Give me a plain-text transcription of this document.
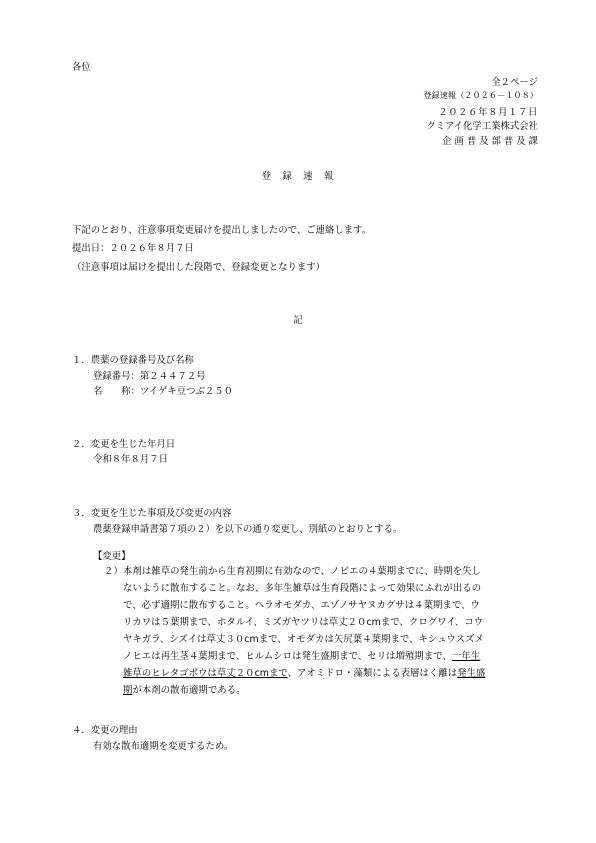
各位
全２ページ
登録速報（２０２６－１０８）
２０２６年８月１７日
クミアイ化学工業株式会社
企 画 普 及 部 普 及 課
登　録　速　報
下記のとおり、注意事項変更届けを提出しましたので、ご連絡します。
提出日：２０２６年８月７日
（注意事項は届けを提出した段階で、登録変更となります）
記
１．農薬の登録番号及び名称
登録番号：第２４４７２号
名　　称：ツイゲキ豆つぶ２５０
２．変更を生じた年月日
令和８年８月７日
３．変更を生じた事項及び変更の内容
農薬登録申請書第７項の２）を以下の通り変更し、別紙のとおりとする。
【変更】
２） 本剤は雑草の発生前から生育初期に有効なので、ノビエの４葉期までに、時期を失し
ないように散布すること。なお、多年生雑草は生育段階によって効果にふれが出るの
で、必ず適期に散布すること。ヘラオモダカ、エゾノサヤヌカグサは４葉期まで、ウ
リカワは５葉期まで、ホタルイ、ミズガヤツリは草丈２０cmまで、クログワイ、コウ
ヤキガラ、シズイは草丈３０cmまで、オモダカは矢尻葉４葉期まで、キシュウスズメ
ノヒエは再生茎４葉期まで、ヒルムシロは発生盛期まで、セリは増殖期まで、一年生
雑草のヒレタゴボウは草丈２０cmまで、アオミドロ・藻類による表層はく離は発生盛
期が本剤の散布適期である。
４．変更の理由
有効な散布適期を変更するため。
